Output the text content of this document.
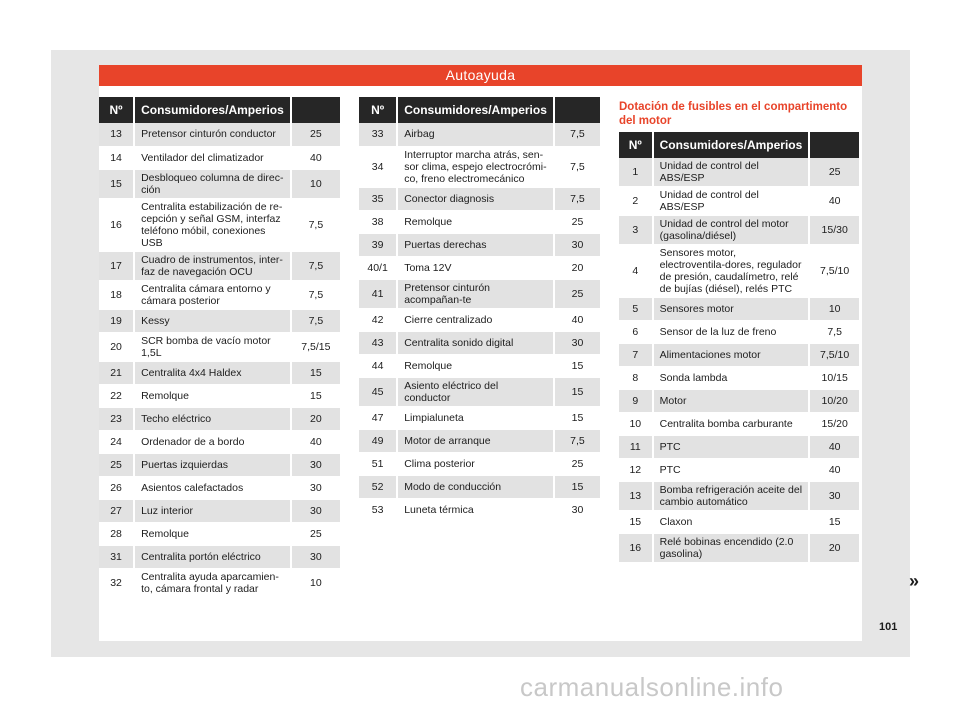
Autoayuda
Nº	Consumidores/Amperios	
13	Pretensor cinturón conductor	25
14	Ventilador del climatizador	40
15	Desbloqueo columna de direc-ción	10
16	Centralita estabilización de re-cepción y señal GSM, interfaz teléfono móbil, conexiones USB	7,5
17	Cuadro de instrumentos, inter-faz de navegación OCU	7,5
18	Centralita cámara entorno y cámara posterior	7,5
19	Kessy	7,5
20	SCR bomba de vacío motor 1,5L	7,5/15
21	Centralita 4x4 Haldex	15
22	Remolque	15
23	Techo eléctrico	20
24	Ordenador de a bordo	40
25	Puertas izquierdas	30
26	Asientos calefactados	30
27	Luz interior	30
28	Remolque	25
31	Centralita portón eléctrico	30
32	Centralita ayuda aparcamien-to, cámara frontal y radar	10
Nº	Consumidores/Amperios	
33	Airbag	7,5
34	Interruptor marcha atrás, sen-sor clima, espejo electrocrómi-co, freno electromecánico	7,5
35	Conector diagnosis	7,5
38	Remolque	25
39	Puertas derechas	30
40/1	Toma 12V	20
41	Pretensor cinturón acompañan-te	25
42	Cierre centralizado	40
43	Centralita sonido digital	30
44	Remolque	15
45	Asiento eléctrico del conductor	15
47	Limpialuneta	15
49	Motor de arranque	7,5
51	Clima posterior	25
52	Modo de conducción	15
53	Luneta térmica	30
Dotación de fusibles en el compartimento del motor
Nº	Consumidores/Amperios	
1	Unidad de control del ABS/ESP	25
2	Unidad de control del ABS/ESP	40
3	Unidad de control del motor (gasolina/diésel)	15/30
4	Sensores motor, electroventila-dores, regulador de presión, caudalímetro, relé de bujías (diésel), relés PTC	7,5/10
5	Sensores motor	10
6	Sensor de la luz de freno	7,5
7	Alimentaciones motor	7,5/10
8	Sonda lambda	10/15
9	Motor	10/20
10	Centralita bomba carburante	15/20
11	PTC	40
12	PTC	40
13	Bomba refrigeración aceite del cambio automático	30
15	Claxon	15
16	Relé bobinas encendido (2.0 gasolina)	20
»
101
carmanualsonline.info
